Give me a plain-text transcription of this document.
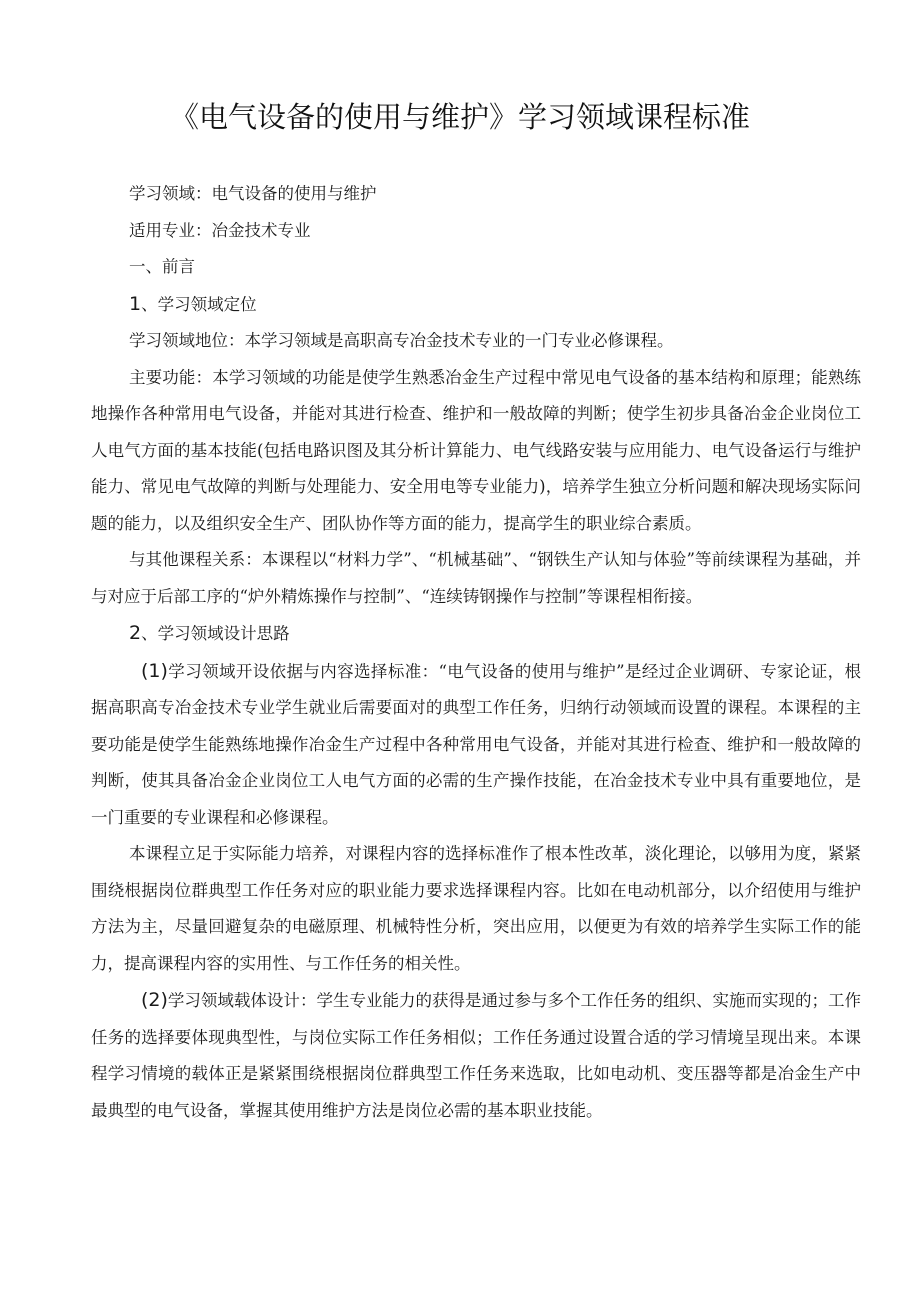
《电气设备的使用与维护》学习领域课程标准

学习领域：电气设备的使用与维护

适用专业：冶金技术专业

一、前言

1、学习领域定位

学习领域地位：本学习领域是高职高专冶金技术专业的一门专业必修课程。

主要功能：本学习领域的功能是使学生熟悉冶金生产过程中常见电气设备的基本结构和原理；能熟练地操作各种常用电气设备，并能对其进行检查、维护和一般故障的判断；使学生初步具备冶金企业岗位工人电气方面的基本技能(包括电路识图及其分析计算能力、电气线路安装与应用能力、电气设备运行与维护能力、常见电气故障的判断与处理能力、安全用电等专业能力)，培养学生独立分析问题和解决现场实际问题的能力，以及组织安全生产、团队协作等方面的能力，提高学生的职业综合素质。

与其他课程关系：本课程以“材料力学”、“机械基础”、“钢铁生产认知与体验”等前续课程为基础，并与对应于后部工序的“炉外精炼操作与控制”、“连续铸钢操作与控制”等课程相衔接。

2、学习领域设计思路

(1)学习领域开设依据与内容选择标准：“电气设备的使用与维护”是经过企业调研、专家论证，根据高职高专冶金技术专业学生就业后需要面对的典型工作任务，归纳行动领域而设置的课程。本课程的主要功能是使学生能熟练地操作冶金生产过程中各种常用电气设备，并能对其进行检查、维护和一般故障的判断，使其具备冶金企业岗位工人电气方面的必需的生产操作技能，在冶金技术专业中具有重要地位，是一门重要的专业课程和必修课程。

本课程立足于实际能力培养，对课程内容的选择标准作了根本性改革，淡化理论，以够用为度，紧紧围绕根据岗位群典型工作任务对应的职业能力要求选择课程内容。比如在电动机部分，以介绍使用与维护方法为主，尽量回避复杂的电磁原理、机械特性分析，突出应用，以便更为有效的培养学生实际工作的能力，提高课程内容的实用性、与工作任务的相关性。

(2)学习领域载体设计：学生专业能力的获得是通过参与多个工作任务的组织、实施而实现的；工作任务的选择要体现典型性，与岗位实际工作任务相似；工作任务通过设置合适的学习情境呈现出来。本课程学习情境的载体正是紧紧围绕根据岗位群典型工作任务来选取，比如电动机、变压器等都是冶金生产中最典型的电气设备，掌握其使用维护方法是岗位必需的基本职业技能。
